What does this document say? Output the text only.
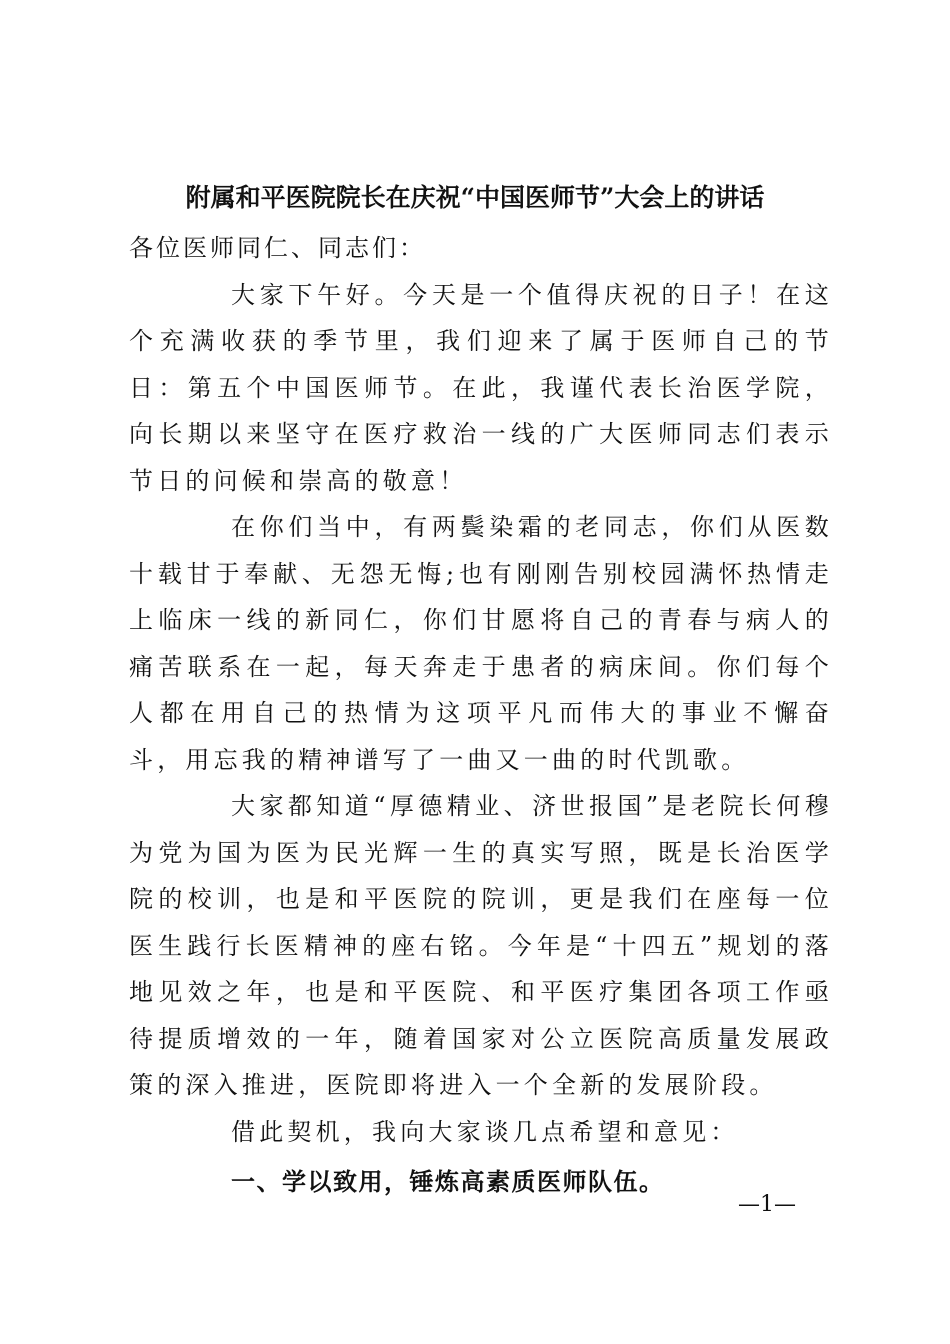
附属和平医院院长在庆祝“中国医师节”大会上的讲话

各位医师同仁、同志们：

大家下午好。今天是一个值得庆祝的日子！在这个充满收获的季节里，我们迎来了属于医师自己的节日：第五个中国医师节。在此，我谨代表长治医学院，向长期以来坚守在医疗救治一线的广大医师同志们表示节日的问候和崇高的敬意！

在你们当中，有两鬓染霜的老同志，你们从医数十载甘于奉献、无怨无悔;也有刚刚告别校园满怀热情走上临床一线的新同仁，你们甘愿将自己的青春与病人的痛苦联系在一起，每天奔走于患者的病床间。你们每个人都在用自己的热情为这项平凡而伟大的事业不懈奋斗，用忘我的精神谱写了一曲又一曲的时代凯歌。

大家都知道“厚德精业、济世报国”是老院长何穆为党为国为医为民光辉一生的真实写照，既是长治医学院的校训，也是和平医院的院训，更是我们在座每一位医生践行长医精神的座右铭。今年是“十四五”规划的落地见效之年，也是和平医院、和平医疗集团各项工作亟待提质增效的一年，随着国家对公立医院高质量发展政策的深入推进，医院即将进入一个全新的发展阶段。

借此契机，我向大家谈几点希望和意见：

一、学以致用，锤炼高素质医师队伍。

—1—
